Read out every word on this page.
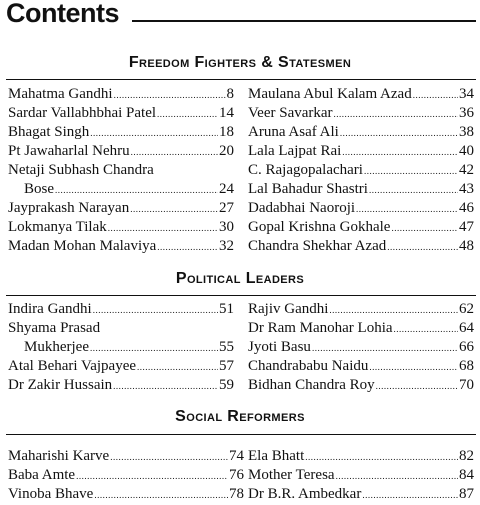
Contents
Freedom Fighters & Statesmen
Mahatma Gandhi .....	8
Sardar Vallabhbhai Patel .....	14
Bhagat Singh .....	18
Pt Jawaharlal Nehru .....	20
Netaji Subhash Chandra
Bose .....	24
Jayprakash Narayan .....	27
Lokmanya Tilak .....	30
Madan Mohan Malaviya .....	32
Maulana Abul Kalam Azad .....	34
Veer Savarkar .....	36
Aruna Asaf Ali .....	38
Lala Lajpat Rai .....	40
C. Rajagopalachari .....	42
Lal Bahadur Shastri .....	43
Dadabhai Naoroji .....	46
Gopal Krishna Gokhale .....	47
Chandra Shekhar Azad .....	48
Political Leaders
Indira Gandhi .....	51
Shyama Prasad
Mukherjee .....	55
Atal Behari Vajpayee .....	57
Dr Zakir Hussain .....	59
Rajiv Gandhi .....	62
Dr Ram Manohar Lohia .....	64
Jyoti Basu .....	66
Chandrababu Naidu .....	68
Bidhan Chandra Roy .....	70
Social Reformers
Maharishi Karve .....	74
Baba Amte .....	76
Vinoba Bhave .....	78
Ela Bhatt .....	82
Mother Teresa .....	84
Dr B.R. Ambedkar .....	87
